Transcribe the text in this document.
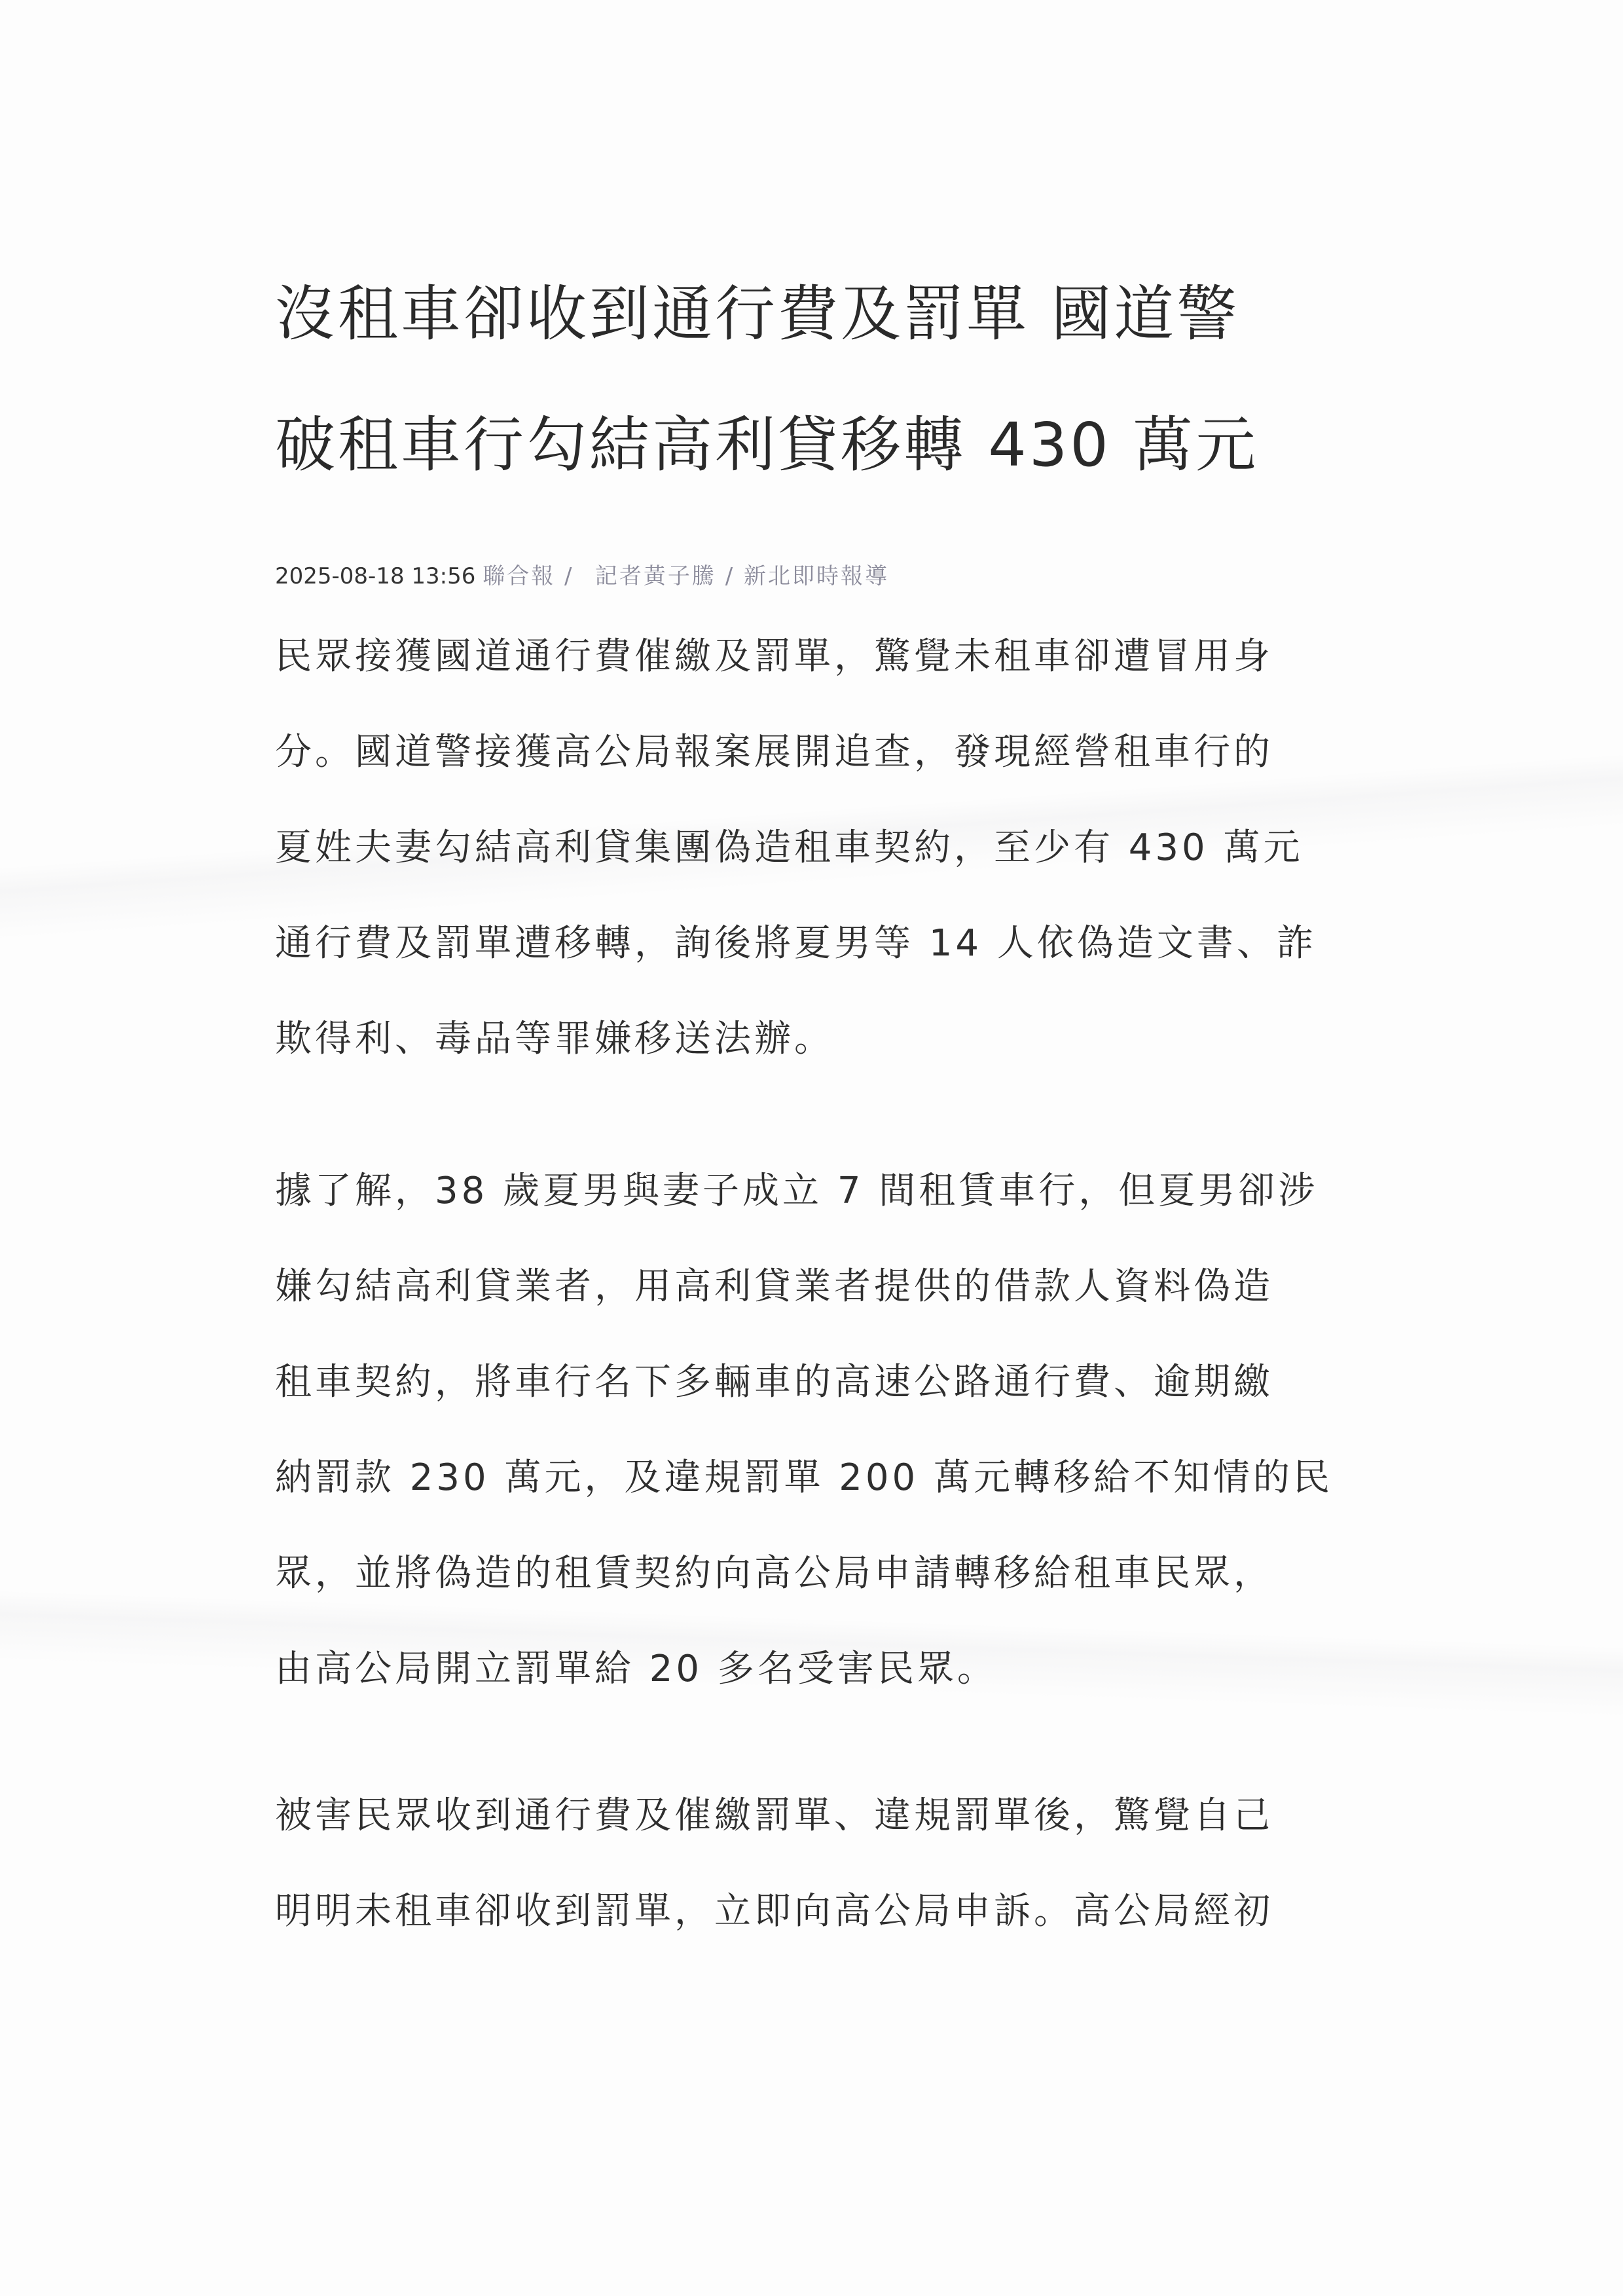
沒租車卻收到通行費及罰單 國道警
破租車行勾結高利貸移轉 430 萬元
2025-08-18 13:56 聯合報 / 記者黃子騰 / 新北即時報導

民眾接獲國道通行費催繳及罰單，驚覺未租車卻遭冒用身
分。國道警接獲高公局報案展開追查，發現經營租車行的
夏姓夫妻勾結高利貸集團偽造租車契約，至少有 430 萬元
通行費及罰單遭移轉，詢後將夏男等 14 人依偽造文書、詐
欺得利、毒品等罪嫌移送法辦。

據了解，38 歲夏男與妻子成立 7 間租賃車行，但夏男卻涉
嫌勾結高利貸業者，用高利貸業者提供的借款人資料偽造
租車契約，將車行名下多輛車的高速公路通行費、逾期繳
納罰款 230 萬元，及違規罰單 200 萬元轉移給不知情的民
眾，並將偽造的租賃契約向高公局申請轉移給租車民眾，
由高公局開立罰單給 20 多名受害民眾。

被害民眾收到通行費及催繳罰單、違規罰單後，驚覺自己
明明未租車卻收到罰單，立即向高公局申訴。高公局經初
